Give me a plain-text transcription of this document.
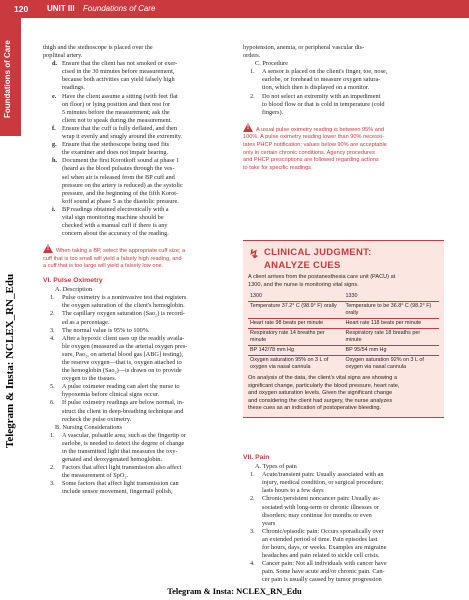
120 UNIT III Foundations of Care
Foundations of Care
Telegram & Insta: NCLEX_RN_Edu
thigh and the stethoscope is placed over the
popliteal artery.
d. Ensure that the client has not smoked or exer-
cised in the 30 minutes before measurement,
because both activities can yield falsely high
readings.
e. Have the client assume a sitting (with feet flat
on floor) or lying position and then rest for
5 minutes before the measurement; ask the
client not to speak during the measurement.
f. Ensure that the cuff is fully deflated, and then
wrap it evenly and snugly around the extremity.
g. Ensure that the stethoscope being used fits
the examiner and does not impair hearing.
h. Document the first Korotkoff sound at phase 1
(heard as the blood pulsates through the ves-
sel when air is released from the BP cuff and
pressure on the artery is reduced) as the systolic
pressure, and the beginning of the fifth Korot-
koff sound at phase 5 as the diastolic pressure.
i. BP readings obtained electronically with a
vital sign monitoring machine should be
checked with a manual cuff if there is any
concern about the accuracy of the reading.
! When taking a BP, select the appropriate cuff size; a
cuff that is too small will yield a falsely high reading, and
a cuff that is too large will yield a falsely low one.
VI. Pulse Oximetry
A. Description
1. Pulse oximetry is a noninvasive test that registers
the oxygen saturation of the client's hemoglobin.
2. The capillary oxygen saturation (Sao₂) is record-
ed as a percentage.
3. The normal value is 95% to 100%.
4. After a hypoxic client uses up the readily availa-
ble oxygen (measured as the arterial oxygen pres-
sure, Pao₂, on arterial blood gas [ABG] testing),
the reserve oxygen—that is, oxygen attached to
the hemoglobin (Sao₂)—is drawn on to provide
oxygen to the tissues.
5. A pulse oximeter reading can alert the nurse to
hypoxemia before clinical signs occur.
6. If pulse oximetry readings are below normal, in-
struct the client in deep-breathing technique and
recheck the pulse oximetry.
B. Nursing Considerations
1. A vascular, pulsatile area, such as the fingertip or
earlobe, is needed to detect the degree of change
in the transmitted light that measures the oxy-
genated and deoxygenated hemoglobin.
2. Factors that affect light transmission also affect
the measurement of SpO₂.
3. Some factors that affect light transmission can
include sensor movement, fingernail polish,
hypotension, anemia, or peripheral vascular dis-
orders.
C. Procedure
1. A sensor is placed on the client's finger, toe, nose,
earlobe, or forehead to measure oxygen satura-
tion, which then is displayed on a monitor.
2. Do not select an extremity with an impediment
to blood flow or that is cold in temperature (cold
fingers).
! A usual pulse oximetry reading is between 95% and
100%. A pulse oximetry reading lower than 90% necessi-
tates PHCP notification; values below 90% are acceptable
only in certain chronic conditions. Agency procedures
and PHCP prescriptions are followed regarding actions
to take for specific readings.
↯ CLINICAL JUDGMENT:
ANALYZE CUES
A client arrives from the postanesthesia care unit (PACU) at
1300, and the nurse is monitoring vital signs.
1300	1330
Temperature 37.2° C (98.9° F) orally	Temperature to be 36.8° C (98.2° F) orally
Heart rate 98 beats per minute	Heart rate 118 beats per minute
Respiratory rate 14 breaths per minute	Respiratory rate 18 breaths per minute
BP 142/78 mm Hg	BP 95/54 mm Hg
Oxygen saturation 95% on 3 L of oxygen via nasal cannula	Oxygen saturation 92% on 3 L of oxygen via nasal cannula
On analysis of the data, the client's vital signs are showing a
significant change, particularly the blood pressure, heart rate,
and oxygen saturation levels. Given the significant change
and considering the client had surgery, the nurse analyzes
these cues as an indication of postoperative bleeding.
VII. Pain
A. Types of pain
1. Acute/transient pain: Usually associated with an
injury, medical condition, or surgical procedure;
lasts hours to a few days
2. Chronic/persistent noncancer pain: Usually as-
sociated with long-term or chronic illnesses or
disorders; may continue for months or even
years
3. Chronic/episodic pain: Occurs sporadically over
an extended period of time. Pain episodes last
for hours, days, or weeks. Examples are migraine
headaches and pain related to sickle cell crisis.
4. Cancer pain: Not all individuals with cancer have
pain. Some have acute and/or chronic pain. Can-
cer pain is usually caused by tumor progression
Telegram & Insta: NCLEX_RN_Edu
